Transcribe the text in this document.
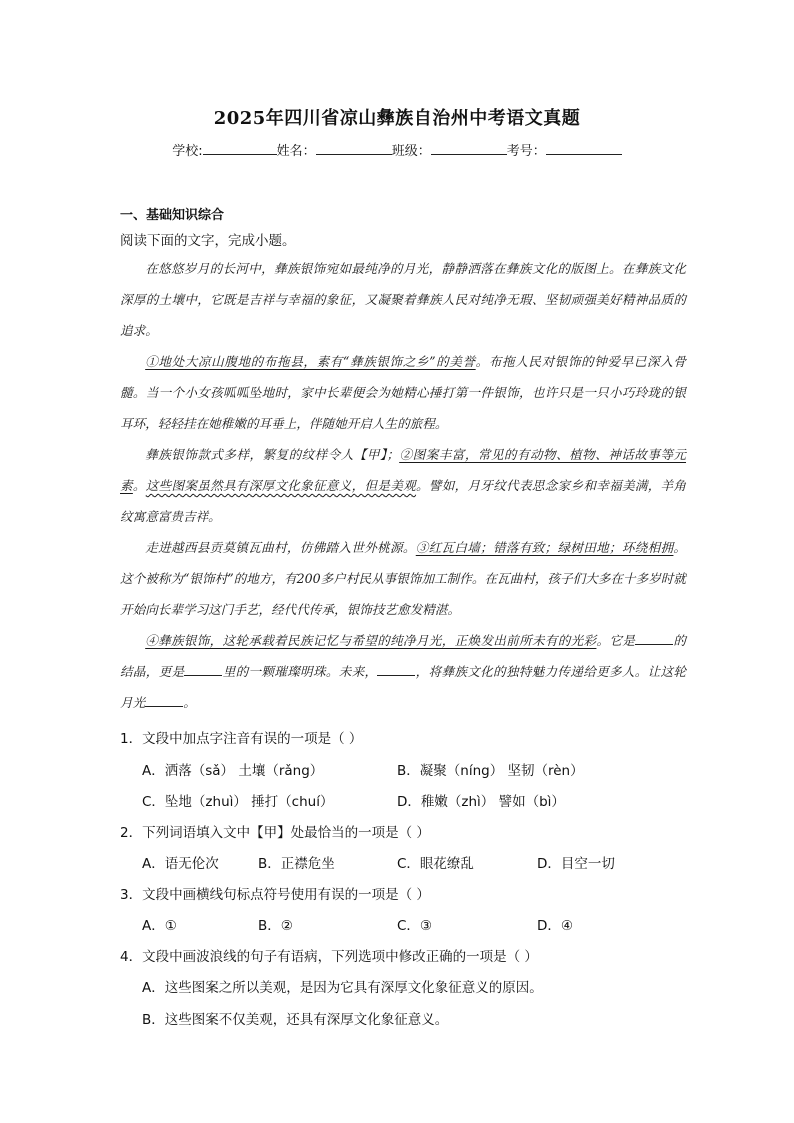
2025年四川省凉山彝族自治州中考语文真题
学校:	姓名：	班级：	考号：
一、基础知识综合
阅读下面的文字，完成小题。

在悠悠岁月的长河中，彝族银饰宛如最纯净的月光，静静洒落在彝族文化的版图上。在彝族文化深厚的土壤中，它既是吉祥与幸福的象征，又凝聚着彝族人民对纯净无瑕、坚韧顽强美好精神品质的追求。

①地处大凉山腹地的布拖县，素有“彝族银饰之乡”的美誉。布拖人民对银饰的钟爱早已深入骨髓。当一个小女孩呱呱坠地时，家中长辈便会为她精心捶打第一件银饰，也许只是一只小巧玲珑的银耳环，轻轻挂在她稚嫩的耳垂上，伴随她开启人生的旅程。

彝族银饰款式多样，繁复的纹样令人【甲】；②图案丰富，常见的有动物、植物、神话故事等元素。这些图案虽然具有深厚文化象征意义，但是美观。譬如，月牙纹代表思念家乡和幸福美满，羊角纹寓意富贵吉祥。

走进越西县贡莫镇瓦曲村，仿佛踏入世外桃源。③红瓦白墙；错落有致；绿树田地；环绕相拥。这个被称为“银饰村”的地方，有200多户村民从事银饰加工制作。在瓦曲村，孩子们大多在十多岁时就开始向长辈学习这门手艺，经代代传承，银饰技艺愈发精湛。

④彝族银饰，这轮承载着民族记忆与希望的纯净月光，正焕发出前所未有的光彩。它是	的结晶，更是	里的一颗璀璨明珠。未来，	，将彝族文化的独特魅力传递给更多人。让这轮月光	。

1．文段中加点字注音有误的一项是（ ）
A．洒落（sǎ） 土壤（rǎng）	B．凝聚（níng） 坚韧（rèn）
C．坠地（zhuì） 捶打（chuí）	D．稚嫩（zhì） 譬如（bì）
2．下列词语填入文中【甲】处最恰当的一项是（ ）
A．语无伦次	B．正襟危坐	C．眼花缭乱	D．目空一切
3．文段中画横线句标点符号使用有误的一项是（ ）
A．①	B．②	C．③	D．④
4．文段中画波浪线的句子有语病，下列选项中修改正确的一项是（ ）
A．这些图案之所以美观，是因为它具有深厚文化象征意义的原因。
B．这些图案不仅美观，还具有深厚文化象征意义。
